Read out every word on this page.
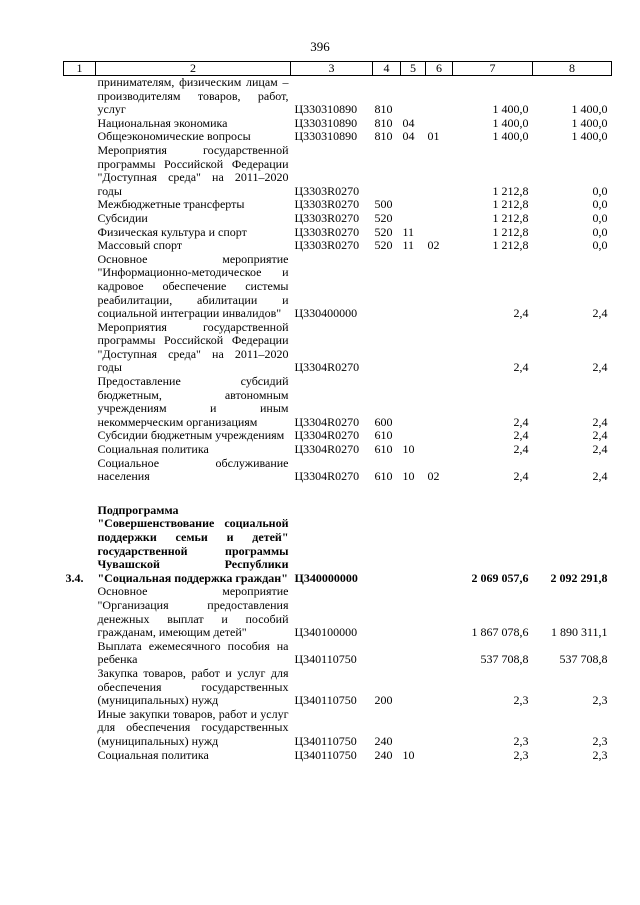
396
1	2	3	4	5	6	7	8
	принимателям, физическим лицам – производителям товаров, работ, услуг	Ц330310890	810			1 400,0	1 400,0
	Национальная экономика	Ц330310890	810	04		1 400,0	1 400,0
	Общеэкономические вопросы	Ц330310890	810	04	01	1 400,0	1 400,0
	Мероприятия государственной программы Российской Федерации "Доступная среда" на 2011–2020 годы	Ц3303R0270				1 212,8	0,0
	Межбюджетные трансферты	Ц3303R0270	500			1 212,8	0,0
	Субсидии	Ц3303R0270	520			1 212,8	0,0
	Физическая культура и спорт	Ц3303R0270	520	11		1 212,8	0,0
	Массовый спорт	Ц3303R0270	520	11	02	1 212,8	0,0
	Основное мероприятие "Информационно-методическое и кадровое обеспечение системы реабилитации, абилитации и социальной интеграции инвалидов"	Ц330400000				2,4	2,4
	Мероприятия государственной программы Российской Федерации "Доступная среда" на 2011–2020 годы	Ц3304R0270				2,4	2,4
	Предоставление субсидий бюджетным, автономным учреждениям и иным некоммерческим организациям	Ц3304R0270	600			2,4	2,4
	Субсидии бюджетным учреждениям	Ц3304R0270	610			2,4	2,4
	Социальная политика	Ц3304R0270	610	10		2,4	2,4
	Социальное обслуживание населения	Ц3304R0270	610	10	02	2,4	2,4

3.4.	Подпрограмма "Совершенствование социальной поддержки семьи и детей" государственной программы Чувашской Республики "Социальная поддержка граждан"	Ц340000000				2 069 057,6	2 092 291,8
	Основное мероприятие "Организация предоставления денежных выплат и пособий гражданам, имеющим детей"	Ц340100000				1 867 078,6	1 890 311,1
	Выплата ежемесячного пособия на ребенка	Ц340110750				537 708,8	537 708,8
	Закупка товаров, работ и услуг для обеспечения государственных (муниципальных) нужд	Ц340110750	200			2,3	2,3
	Иные закупки товаров, работ и услуг для обеспечения государственных (муниципальных) нужд	Ц340110750	240			2,3	2,3
	Социальная политика	Ц340110750	240	10		2,3	2,3
